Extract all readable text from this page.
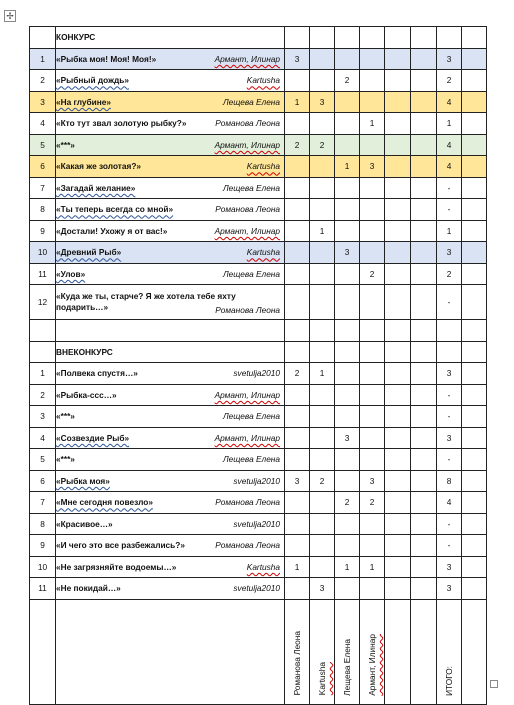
✢
	КОНКУРС								
1	«Рыбка моя! Моя! Моя!» Армант, Илинар	3						3	
2	«Рыбный дождь» Kartusha			2				2	
3	«На глубине» Лещева Елена	1	3					4	
4	«Кто тут звал золотую рыбку?» Романова Леона				1			1	
5	«***» Армант, Илинар	2	2					4	
6	«Какая же золотая?» Kartusha			1	3			4	
7	«Загадай желание» Лещева Елена							-	
8	«Ты теперь всегда со мной» Романова Леона							-	
9	«Достали! Ухожу я от вас!» Армант, Илинар		1					1	
10	«Древний Рыб» Kartusha			3				3	
11	«Улов» Лещева Елена				2			2	
12	«Куда же ты, старче? Я же хотела тебе яхту подарить…» Романова Леона							-	

	ВНЕКОНКУРС								
1	«Полвека спустя…» svetulja2010	2	1					3	
2	«Рыбка-ссс…» Армант, Илинар							-	
3	«***» Лещева Елена							-	
4	«Созвездие Рыб» Армант, Илинар			3				3	
5	«***» Лещева Елена							-	
6	«Рыбка моя» svetulja2010	3	2		3			8	
7	«Мне сегодня повезло» Романова Леона			2	2			4	
8	«Красивое…» svetulja2010							-	
9	«И чего это все разбежались?» Романова Леона							-	
10	«Не загрязняйте водоемы…» Kartusha	1		1	1			3	
11	«Не покидай…» svetulja2010		3					3	
		Романова Леона	Kartusha	Лещева Елена	Армант, Илинар			ИТОГО:	
